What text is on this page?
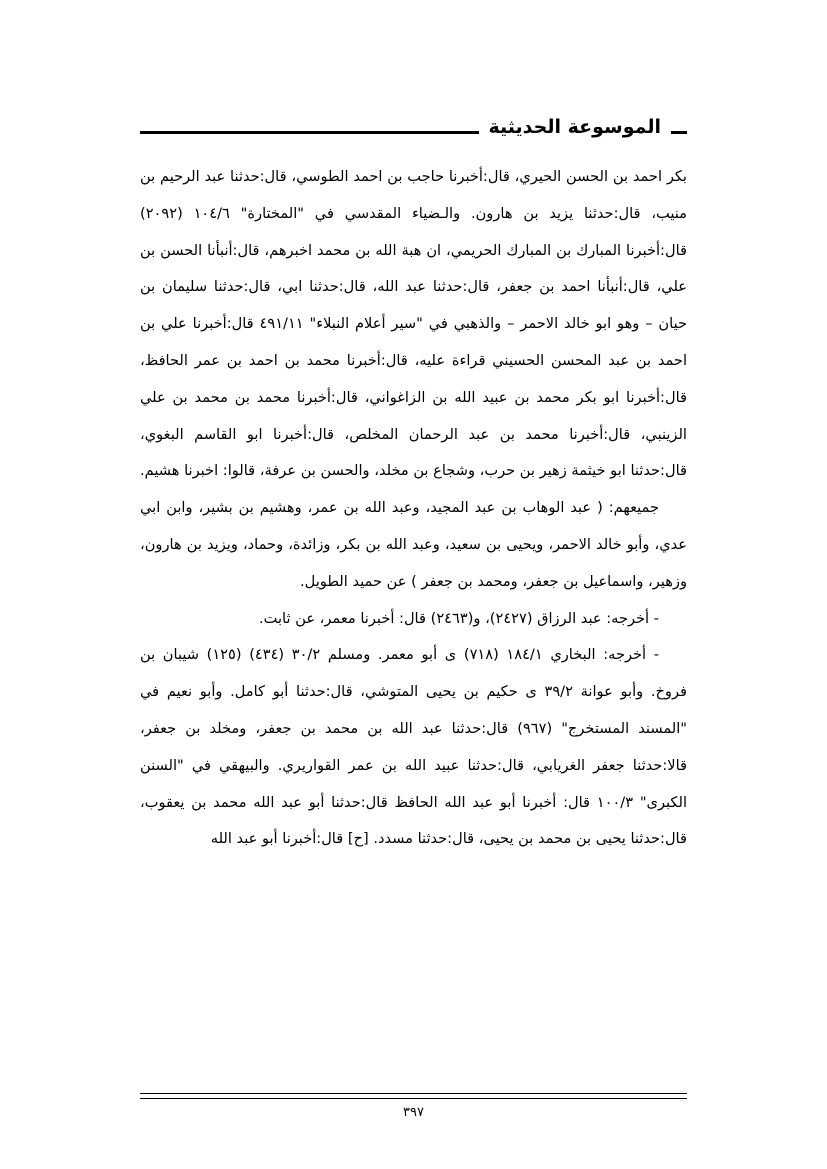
الموسوعة الحديثية

بكر احمد بن الحسن الحيري، قال:أخبرنا حاجب بن احمد الطوسي، قال:حدثنا عبد الرحيم بن منيب، قال:حدثنا يزيد بن هارون. والـضياء المقدسي في "المختارة" ١٠٤/٦ (٢٠٩٢) قال:أخبرنا المبارك بن المبارك الحريمي، ان هبة الله بن محمد اخبرهم، قال:أنبأنا الحسن بن علي، قال:أنبأنا احمد بن جعفر، قال:حدثنا عبد الله، قال:حدثنا ابي، قال:حدثنا سليمان بن حيان – وهو ابو خالد الاحمر – والذهبي في "سير أعلام النبلاء" ٤٩١/١١ قال:أخبرنا علي بن احمد بن عبد المحسن الحسيني قراءة عليه، قال:أخبرنا محمد بن احمد بن عمر الحافظ، قال:أخبرنا ابو بكر محمد بن عبيد الله بن الزاغواني، قال:أخبرنا محمد بن محمد بن علي الزينبي، قال:أخبرنا محمد بن عبد الرحمان المخلص، قال:أخبرنا ابو القاسم البغوي، قال:حدثنا ابو خيثمة زهير بن حرب، وشجاع بن مخلد، والحسن بن عرفة، قالوا: اخبرنا هشيم.

جميعهم: ( عبد الوهاب بن عبد المجيد، وعبد الله بن عمر، وهشيم بن بشير، وابن ابي عدي، وأبو خالد الاحمر، ويحيى بن سعيد، وعبد الله بن بكر، وزائدة، وحماد، ويزيد بن هارون، وزهير، واسماعيل بن جعفر، ومحمد بن جعفر ) عن حميد الطويل.

- أخرجه: عبد الرزاق (٢٤٢٧)، و(٢٤٦٣) قال: أخبرنا معمر، عن ثابت.

- أخرجه: البخاري ١٨٤/١ (٧١٨) ى أبو معمر. ومسلم ٣٠/٢ (٤٣٤) (١٢٥) شيبان بن فروخ. وأبو عوانة ٣٩/٢ ى حكيم بن يحيى المتوشي، قال:حدثنا أبو كامل. وأبو نعيم في "المسند المستخرج" (٩٦٧) قال:حدثنا عبد الله بن محمد بن جعفر، ومخلد بن جعفر، قالا:حدثنا جعفر الغريابي، قال:حدثنا عبيد الله بن عمر القواريري. والبيهقي في "السنن الكبرى" ١٠٠/٣ قال: أخبرنا أبو عبد الله الحافظ قال:حدثنا أبو عبد الله محمد بن يعقوب، قال:حدثنا يحيى بن محمد بن يحيى، قال:حدثنا مسدد. [ح] قال:أخبرنا أبو عبد الله

٣٩٧
